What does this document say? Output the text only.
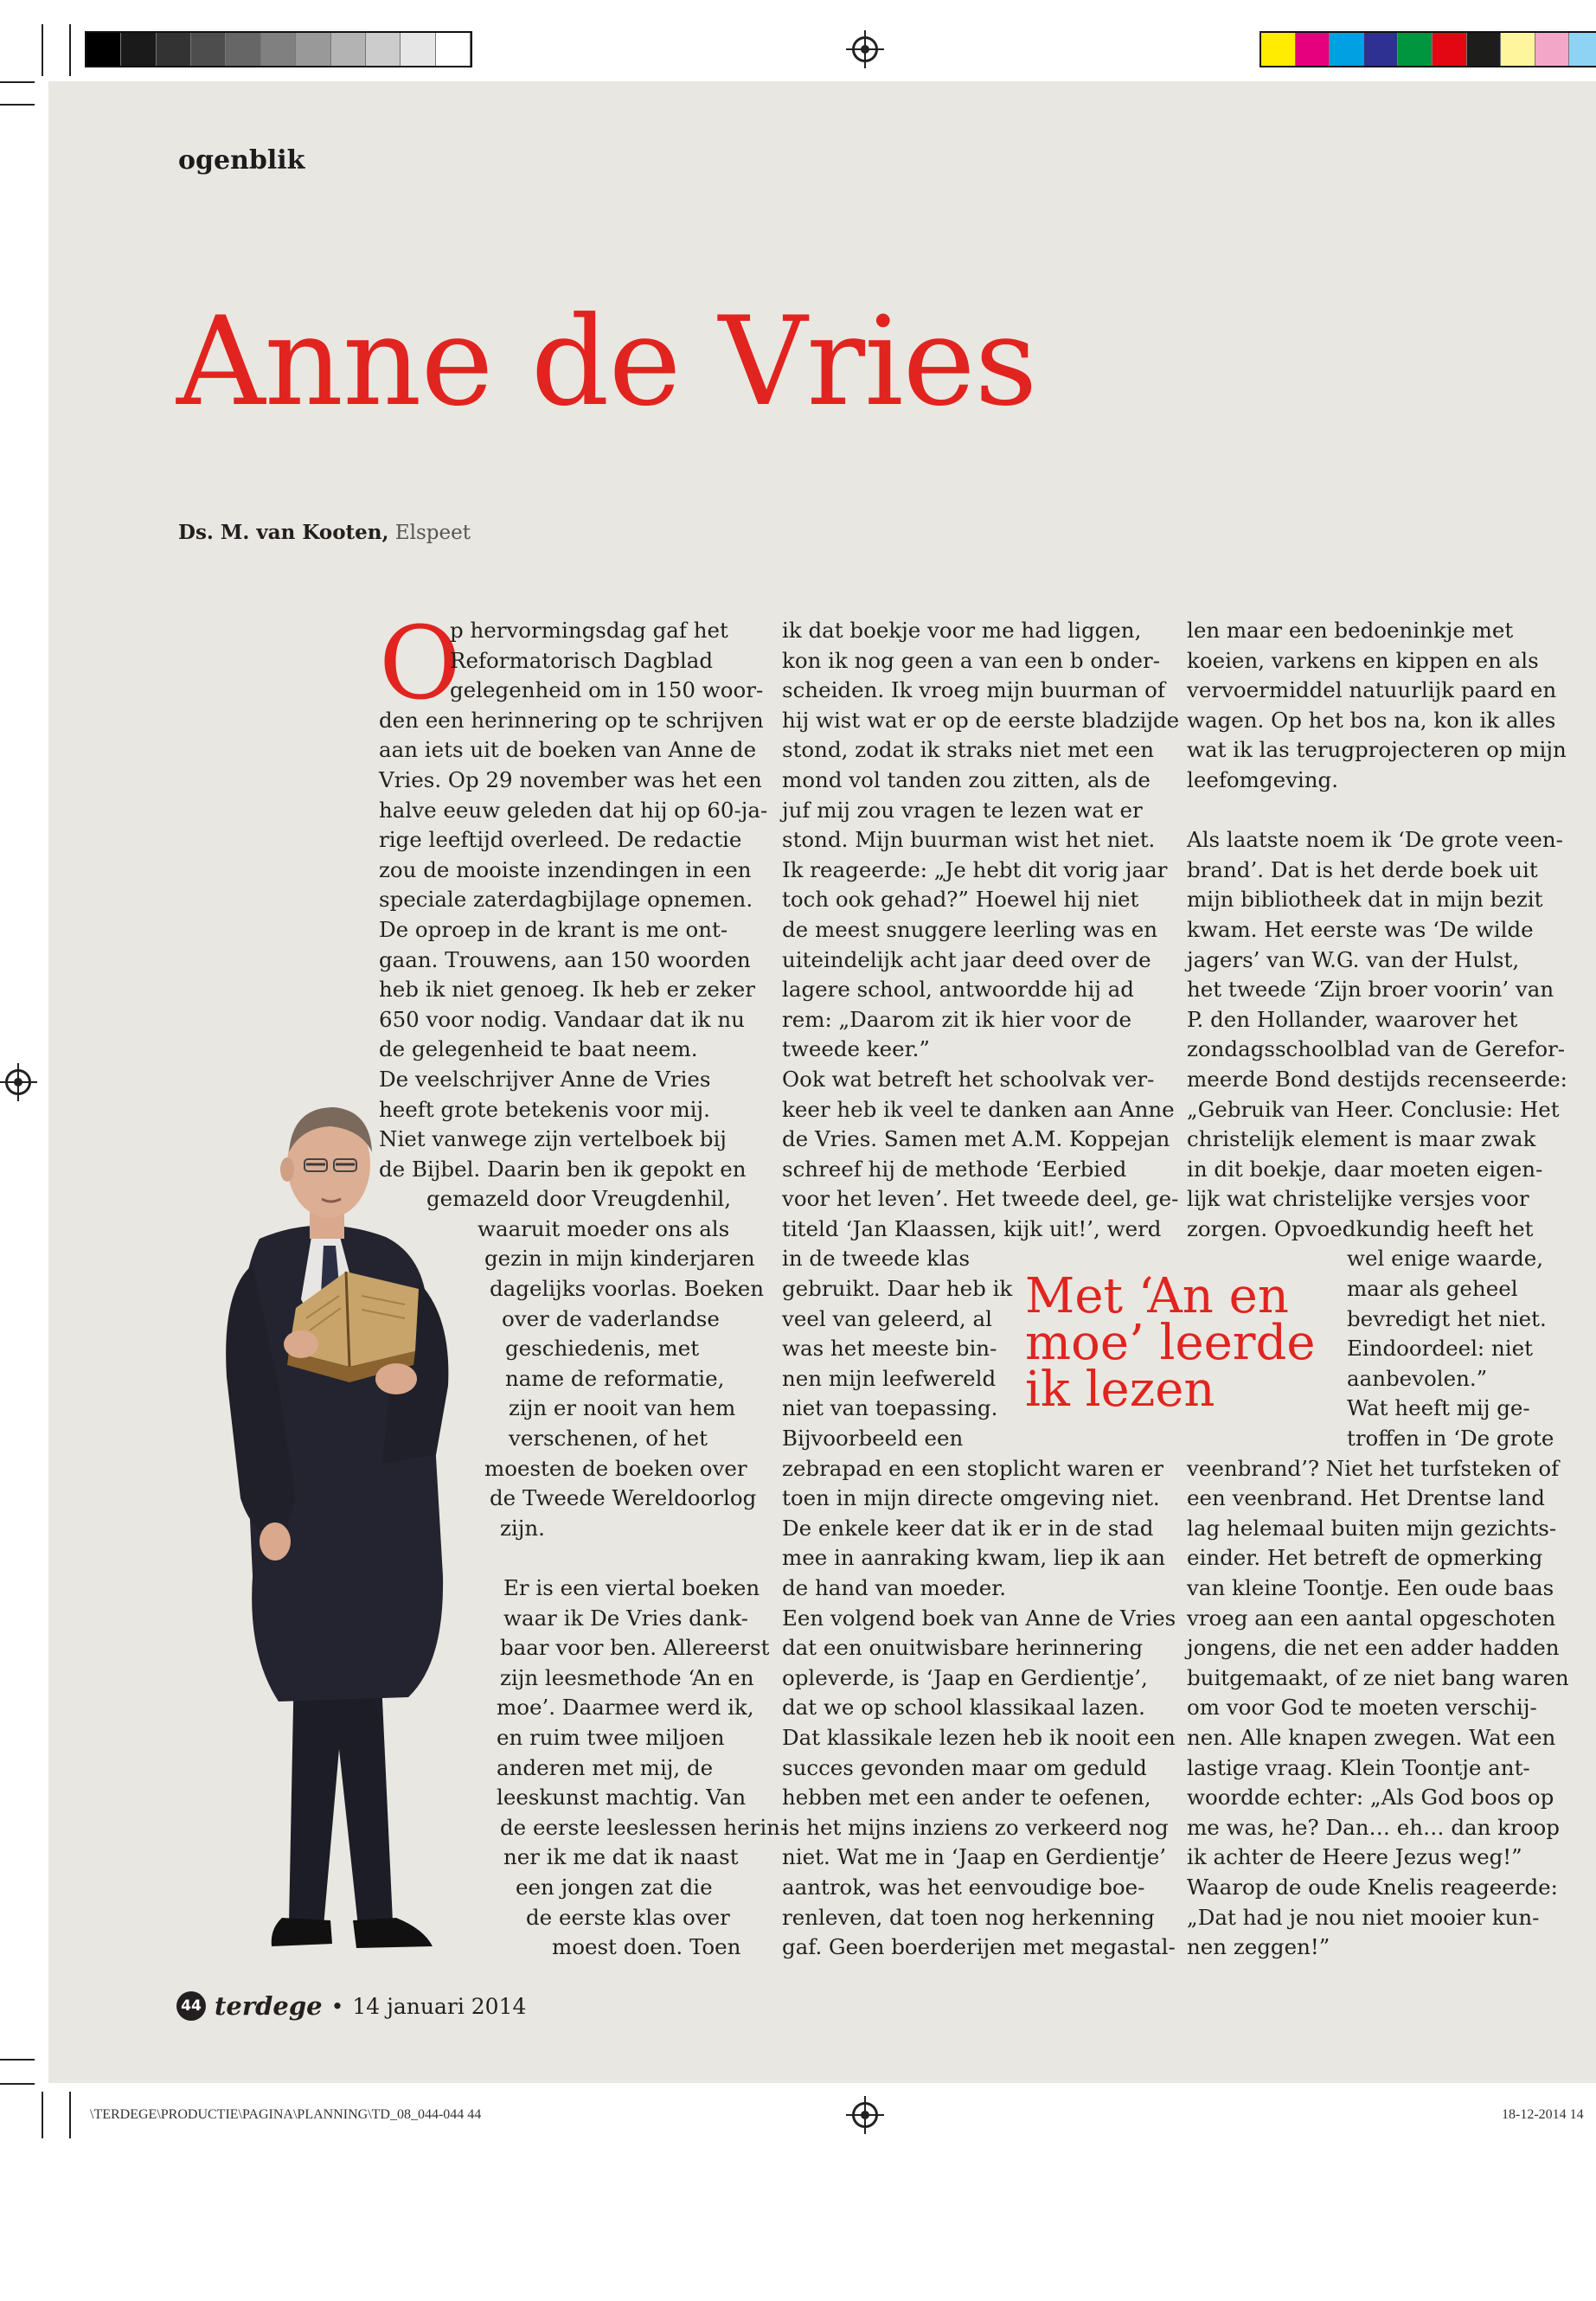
ogenblik
Anne de Vries
Ds. M. van Kooten, Elspeet
O

p hervormingsdag gaf het

Reformatorisch Dagblad

gelegenheid om in 150 woor-

den een herinnering op te schrijven

aan iets uit de boeken van Anne de

Vries. Op 29 november was het een

halve eeuw geleden dat hij op 60-ja-

rige leeftijd overleed. De redactie

zou de mooiste inzendingen in een

speciale zaterdagbijlage opnemen.

De oproep in de krant is me ont-

gaan. Trouwens, aan 150 woorden

heb ik niet genoeg. Ik heb er zeker

650 voor nodig. Vandaar dat ik nu

de gelegenheid te baat neem.

De veelschrijver Anne de Vries

heeft grote betekenis voor mij.

Niet vanwege zijn vertelboek bij

de Bijbel. Daarin ben ik gepokt en

gemazeld door Vreugdenhil,

waaruit moeder ons als

gezin in mijn kinderjaren

dagelijks voorlas. Boeken

over de vaderlandse

geschiedenis, met

name de reformatie,

zijn er nooit van hem

verschenen, of het

moesten de boeken over

de Tweede Wereldoorlog

zijn.

Er is een viertal boeken

waar ik De Vries dank-

baar voor ben. Allereerst

zijn leesmethode ‘An en

moe’. Daarmee werd ik,

en ruim twee miljoen

anderen met mij, de

leeskunst machtig. Van

de eerste leeslessen herin-

ner ik me dat ik naast

een jongen zat die

de eerste klas over

moest doen. Toen

ik dat boekje voor me had liggen,

kon ik nog geen a van een b onder-

scheiden. Ik vroeg mijn buurman of

hij wist wat er op de eerste bladzijde

stond, zodat ik straks niet met een

mond vol tanden zou zitten, als de

juf mij zou vragen te lezen wat er

stond. Mijn buurman wist het niet.

Ik reageerde: „Je hebt dit vorig jaar

toch ook gehad?” Hoewel hij niet

de meest snuggere leerling was en

uiteindelijk acht jaar deed over de

lagere school, antwoordde hij ad

rem: „Daarom zit ik hier voor de

tweede keer.”

Ook wat betreft het schoolvak ver-

keer heb ik veel te danken aan Anne

de Vries. Samen met A.M. Koppejan

schreef hij de methode ‘Eerbied

voor het leven’. Het tweede deel, ge-

titeld ‘Jan Klaassen, kijk uit!’, werd

in de tweede klas

gebruikt. Daar heb ik

veel van geleerd, al

was het meeste bin-

nen mijn leefwereld

niet van toepassing.

Bijvoorbeeld een

zebrapad en een stoplicht waren er

toen in mijn directe omgeving niet.

De enkele keer dat ik er in de stad

mee in aanraking kwam, liep ik aan

de hand van moeder.

Een volgend boek van Anne de Vries

dat een onuitwisbare herinnering

opleverde, is ‘Jaap en Gerdientje’,

dat we op school klassikaal lazen.

Dat klassikale lezen heb ik nooit een

succes gevonden maar om geduld

hebben met een ander te oefenen,

is het mijns inziens zo verkeerd nog

niet. Wat me in ‘Jaap en Gerdientje’

aantrok, was het eenvoudige boe-

renleven, dat toen nog herkenning

gaf. Geen boerderijen met megastal-

len maar een bedoeninkje met

koeien, varkens en kippen en als

vervoermiddel natuurlijk paard en

wagen. Op het bos na, kon ik alles

wat ik las terugprojecteren op mijn

leefomgeving.

Als laatste noem ik ‘De grote veen-

brand’. Dat is het derde boek uit

mijn bibliotheek dat in mijn bezit

kwam. Het eerste was ‘De wilde

jagers’ van W.G. van der Hulst,

het tweede ‘Zijn broer voorin’ van

P. den Hollander, waarover het

zondagsschoolblad van de Gerefor-

meerde Bond destijds recenseerde:

„Gebruik van Heer. Conclusie: Het

christelijk element is maar zwak

in dit boekje, daar moeten eigen-

lijk wat christelijke versjes voor

zorgen. Opvoedkundig heeft het

wel enige waarde,

maar als geheel

bevredigt het niet.

Eindoordeel: niet

aanbevolen.”

Wat heeft mij ge-

troffen in ‘De grote

veenbrand’? Niet het turfsteken of

een veenbrand. Het Drentse land

lag helemaal buiten mijn gezichts-

einder. Het betreft de opmerking

van kleine Toontje. Een oude baas

vroeg aan een aantal opgeschoten

jongens, die net een adder hadden

buitgemaakt, of ze niet bang waren

om voor God te moeten verschij-

nen. Alle knapen zwegen. Wat een

lastige vraag. Klein Toontje ant-

woordde echter: „Als God boos op

me was, he? Dan… eh… dan kroop

ik achter de Heere Jezus weg!”

Waarop de oude Knelis reageerde:

„Dat had je nou niet mooier kun-

nen zeggen!”

Met ‘An en

moe’ leerde

ik lezen

44 terdege • 14 januari 2014
\TERDEGE\PRODUCTIE\PAGINA\PLANNING\TD_08_044-044 44	18-12-2014 14
